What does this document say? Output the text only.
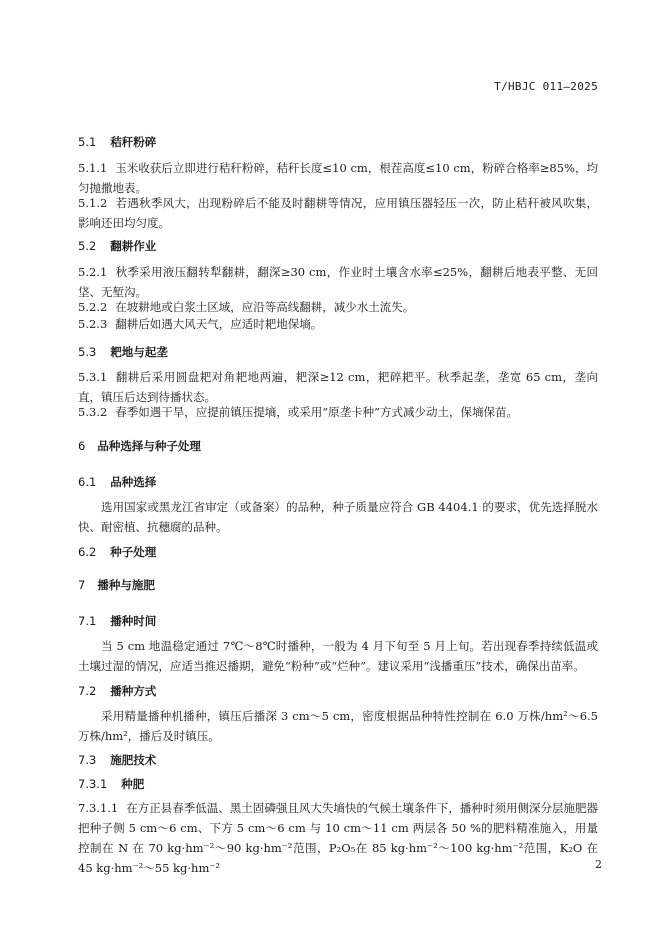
T/HBJC 011—2025
5.1 秸秆粉碎
5.1.1 玉米收获后立即进行秸秆粉碎，秸秆长度≤10 cm，根茬高度≤10 cm，粉碎合格率≥85%，均匀抛撒地表。
5.1.2 若遇秋季风大，出现粉碎后不能及时翻耕等情况，应用镇压器轻压一次，防止秸秆被风吹集，影响还田均匀度。
5.2 翻耕作业
5.2.1 秋季采用液压翻转犁翻耕，翻深≥30 cm，作业时土壤含水率≤25%，翻耕后地表平整、无回垡、无堑沟。
5.2.2 在坡耕地或白浆土区域，应沿等高线翻耕，减少水土流失。
5.2.3 翻耕后如遇大风天气，应适时耙地保墒。
5.3 耙地与起垄
5.3.1 翻耕后采用圆盘耙对角耙地两遍，耙深≥12 cm，耙碎耙平。秋季起垄，垄宽 65 cm，垄向直，镇压后达到待播状态。
5.3.2 春季如遇干旱，应提前镇压提墒，或采用“原垄卡种”方式减少动土，保墒保苗。
6 品种选择与种子处理
6.1 品种选择
选用国家或黑龙江省审定（或备案）的品种，种子质量应符合 GB 4404.1 的要求，优先选择脱水快、耐密植、抗穗腐的品种。
6.2 种子处理
7 播种与施肥
7.1 播种时间
当 5 cm 地温稳定通过 7℃～8℃时播种，一般为 4 月下旬至 5 月上旬。若出现春季持续低温或土壤过湿的情况，应适当推迟播期，避免“粉种”或“烂种”。建议采用“浅播重压”技术，确保出苗率。
7.2 播种方式
采用精量播种机播种，镇压后播深 3 cm～5 cm，密度根据品种特性控制在 6.0 万株/hm²～6.5 万株/hm²，播后及时镇压。
7.3 施肥技术
7.3.1 种肥
7.3.1.1 在方正县春季低温、黑土固磷强且风大失墒快的气候土壤条件下，播种时须用侧深分层施肥器把种子侧 5 cm～6 cm、下方 5 cm～6 cm 与 10 cm～11 cm 两层各 50 %的肥料精准施入，用量控制在 N 在 70 kg·hm⁻²～90 kg·hm⁻²范围，P₂O₅在 85 kg·hm⁻²～100 kg·hm⁻²范围，K₂O 在 45 kg·hm⁻²～55 kg·hm⁻²	2
